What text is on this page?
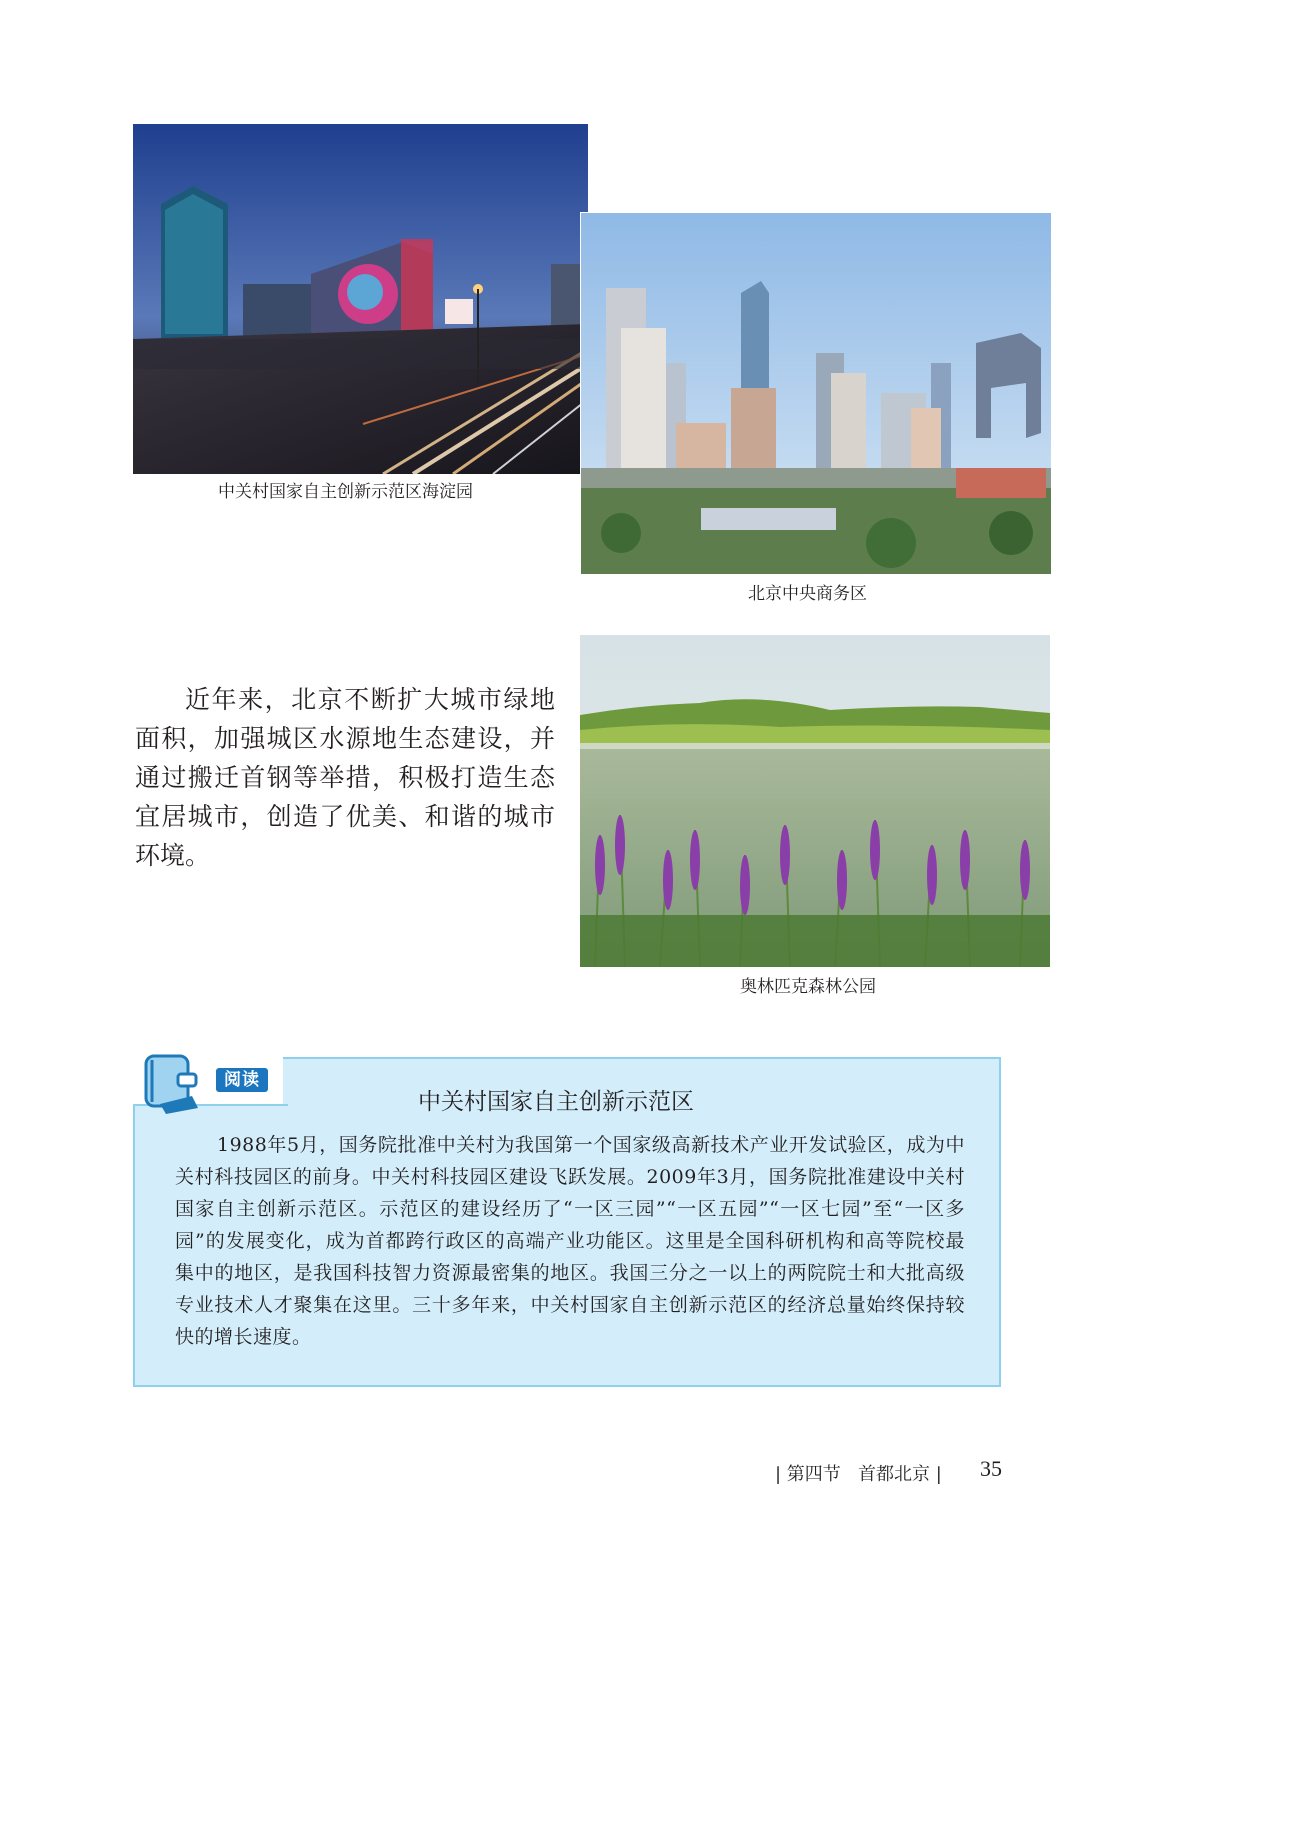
中关村国家自主创新示范区海淀园
北京中央商务区
奥林匹克森林公园

近年来，北京不断扩大城市绿地面积，加强城区水源地生态建设，并通过搬迁首钢等举措，积极打造生态宜居城市，创造了优美、和谐的城市环境。

阅读
中关村国家自主创新示范区

1988年5月，国务院批准中关村为我国第一个国家级高新技术产业开发试验区，成为中关村科技园区的前身。中关村科技园区建设飞跃发展。2009年3月，国务院批准建设中关村国家自主创新示范区。示范区的建设经历了“一区三园”“一区五园”“一区七园”至“一区多园”的发展变化，成为首都跨行政区的高端产业功能区。这里是全国科研机构和高等院校最集中的地区，是我国科技智力资源最密集的地区。我国三分之一以上的两院院士和大批高级专业技术人才聚集在这里。三十多年来，中关村国家自主创新示范区的经济总量始终保持较快的增长速度。

| 第四节 首都北京 | 35
